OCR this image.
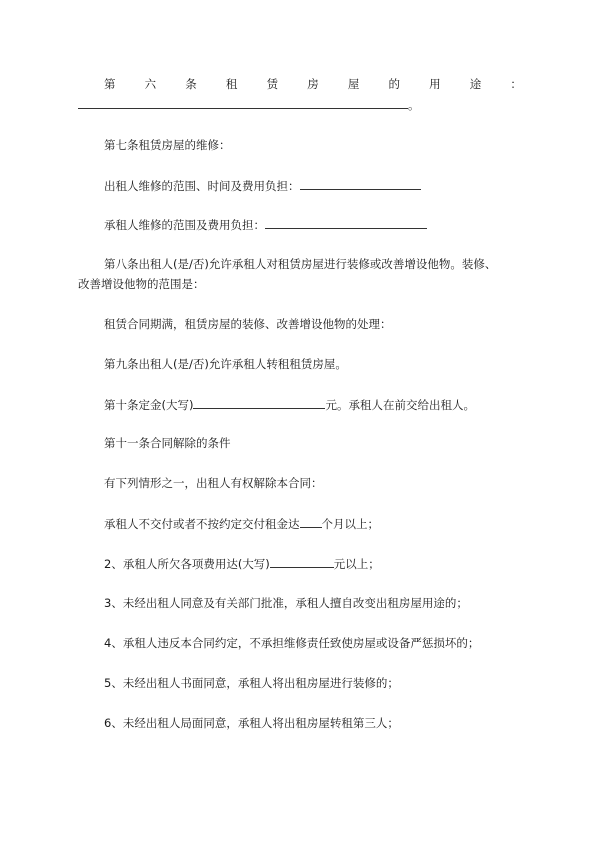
第	六	条	租	赁	房	屋	的	用	途	：
。
第七条租赁房屋的维修：
出租人维修的范围、时间及费用负担：
承租人维修的范围及费用负担：
第八条出租人(是/否)允许承租人对租赁房屋进行装修或改善增设他物。装修、
改善增设他物的范围是：
租赁合同期满，租赁房屋的装修、改善增设他物的处理：
第九条出租人(是/否)允许承租人转租租赁房屋。
第十条定金(大写)	元。承租人在前交给出租人。
第十一条合同解除的条件
有下列情形之一，出租人有权解除本合同：
承租人不交付或者不按约定交付租金达 个月以上；
2、承租人所欠各项费用达(大写)	元以上；
3、未经出租人同意及有关部门批准，承租人擅自改变出租房屋用途的；
4、承租人违反本合同约定，不承担维修责任致使房屋或设备严惩损坏的；
5、未经出租人书面同意，承租人将出租房屋进行装修的；
6、未经出租人局面同意，承租人将出租房屋转租第三人；
